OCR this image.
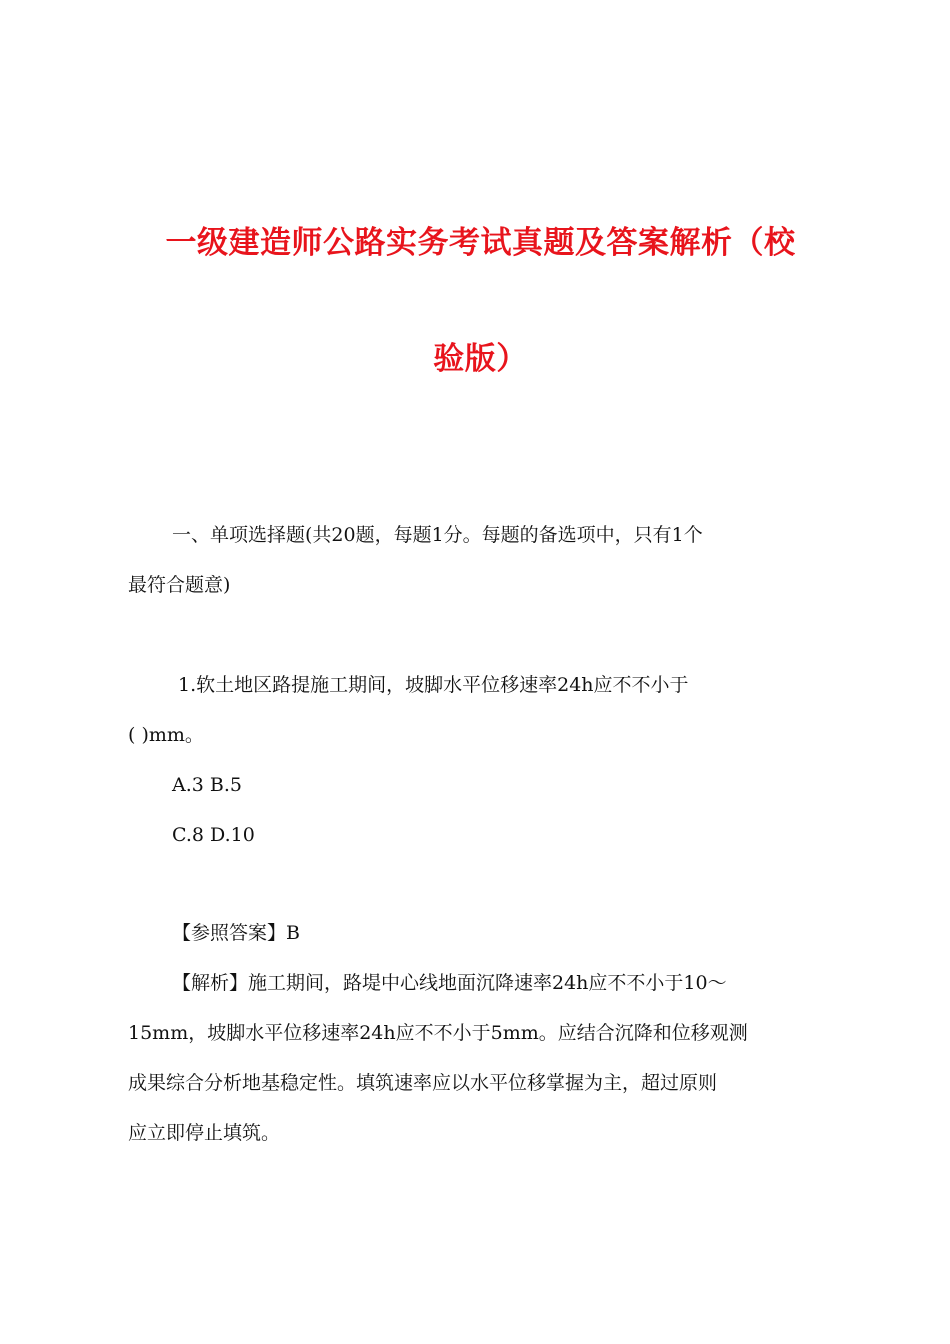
一级建造师公路实务考试真题及答案解析（校
验版）
一、单项选择题(共20题，每题1分。每题的备选项中，只有1个
最符合题意)
1.软土地区路提施工期间，坡脚水平位移速率24h应不不小于
( )mm。
A.3 B.5
C.8 D.10
【参照答案】B
【解析】施工期间，路堤中心线地面沉降速率24h应不不小于10～
15mm，坡脚水平位移速率24h应不不小于5mm。应结合沉降和位移观测
成果综合分析地基稳定性。填筑速率应以水平位移掌握为主，超过原则
应立即停止填筑。
